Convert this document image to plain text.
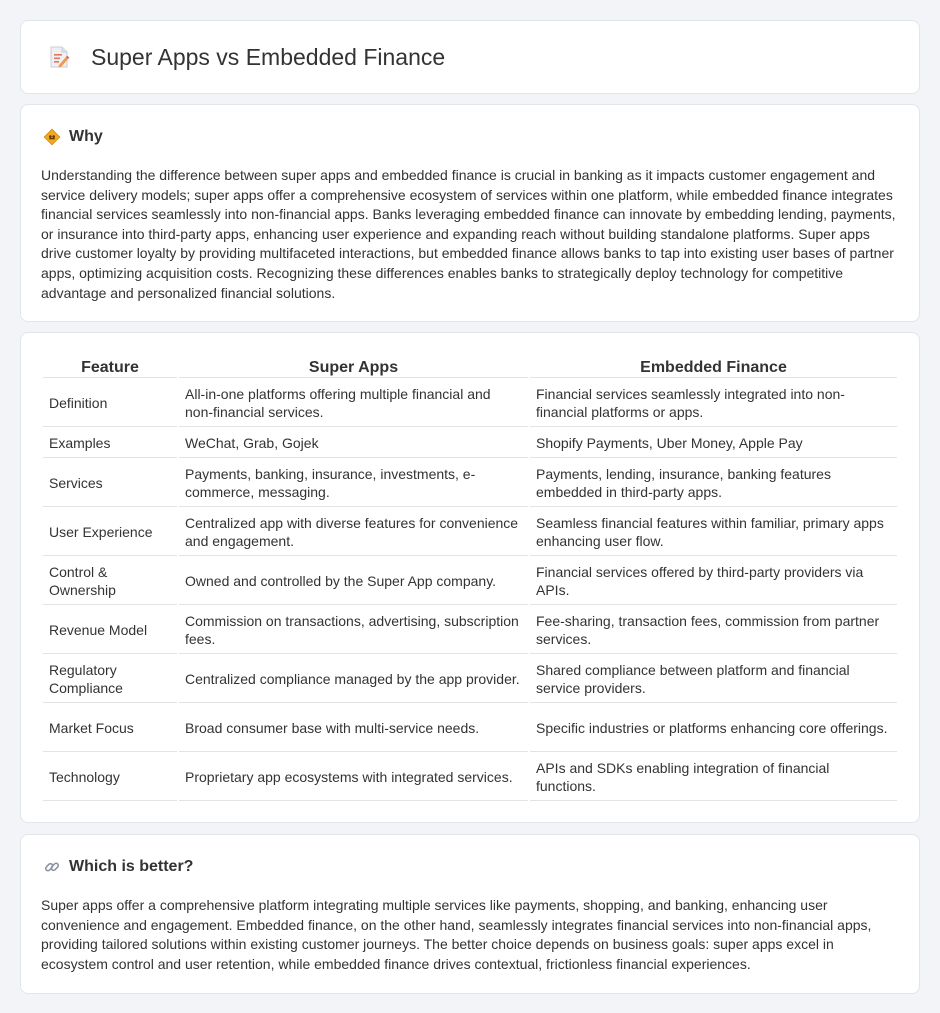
Super Apps vs Embedded Finance
Why

Understanding the difference between super apps and embedded finance is crucial in banking as it impacts customer engagement and service delivery models; super apps offer a comprehensive ecosystem of services within one platform, while embedded finance integrates financial services seamlessly into non-financial apps. Banks leveraging embedded finance can innovate by embedding lending, payments, or insurance into third-party apps, enhancing user experience and expanding reach without building standalone platforms. Super apps drive customer loyalty by providing multifaceted interactions, but embedded finance allows banks to tap into existing user bases of partner apps, optimizing acquisition costs. Recognizing these differences enables banks to strategically deploy technology for competitive advantage and personalized financial solutions.

Feature	Super Apps	Embedded Finance
Definition	All-in-one platforms offering multiple financial and non-financial services.	Financial services seamlessly integrated into non-financial platforms or apps.
Examples	WeChat, Grab, Gojek	Shopify Payments, Uber Money, Apple Pay
Services	Payments, banking, insurance, investments, e-commerce, messaging.	Payments, lending, insurance, banking features embedded in third-party apps.
User Experience	Centralized app with diverse features for convenience and engagement.	Seamless financial features within familiar, primary apps enhancing user flow.
Control & Ownership	Owned and controlled by the Super App company.	Financial services offered by third-party providers via APIs.
Revenue Model	Commission on transactions, advertising, subscription fees.	Fee-sharing, transaction fees, commission from partner services.
Regulatory Compliance	Centralized compliance managed by the app provider.	Shared compliance between platform and financial service providers.
Market Focus	Broad consumer base with multi-service needs.	Specific industries or platforms enhancing core offerings.
Technology	Proprietary app ecosystems with integrated services.	APIs and SDKs enabling integration of financial functions.
Which is better?

Super apps offer a comprehensive platform integrating multiple services like payments, shopping, and banking, enhancing user convenience and engagement. Embedded finance, on the other hand, seamlessly integrates financial services into non-financial apps, providing tailored solutions within existing customer journeys. The better choice depends on business goals: super apps excel in ecosystem control and user retention, while embedded finance drives contextual, frictionless financial experiences.
